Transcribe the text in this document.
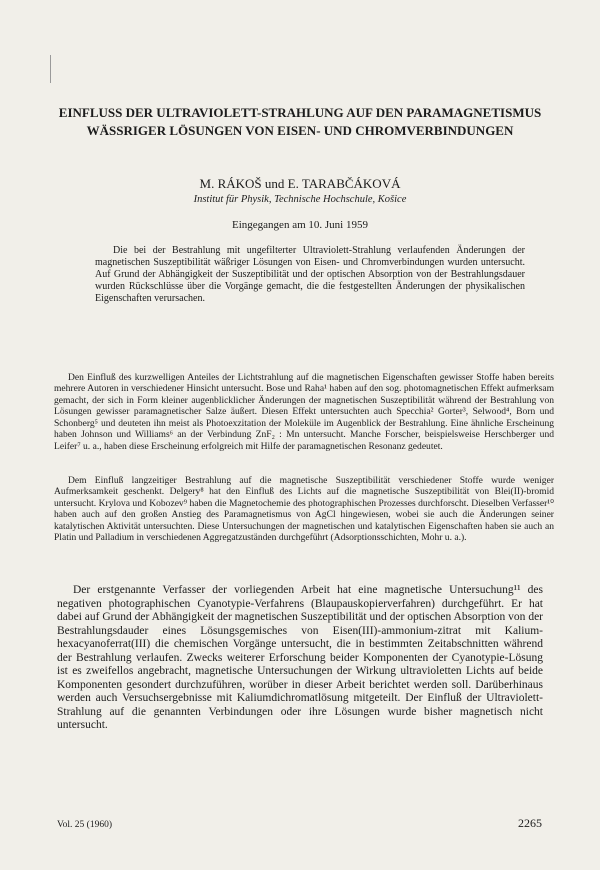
EINFLUSS DER ULTRAVIOLETT-STRAHLUNG AUF DEN PARAMAGNETISMUS WÄSSRIGER LÖSUNGEN VON EISEN- UND CHROMVERBINDUNGEN
M. RÁKOŠ und E. TARABČÁKOVÁ
Institut für Physik, Technische Hochschule, Košice
Eingegangen am 10. Juni 1959
Die bei der Bestrahlung mit ungefilterter Ultraviolett-Strahlung verlaufenden Änderungen der magnetischen Suszeptibilität wäßriger Lösungen von Eisen- und Chromverbindungen wurden untersucht. Auf Grund der Abhängigkeit der Suszeptibilität und der optischen Absorption von der Bestrahlungsdauer wurden Rückschlüsse über die Vorgänge gemacht, die die festgestellten Änderungen der physikalischen Eigenschaften verursachen.

Den Einfluß des kurzwelligen Anteiles der Lichtstrahlung auf die magnetischen Eigenschaften gewisser Stoffe haben bereits mehrere Autoren in verschiedener Hinsicht untersucht. Bose und Raha¹ haben auf den sog. photomagnetischen Effekt aufmerksam gemacht, der sich in Form kleiner augenblicklicher Änderungen der magnetischen Suszeptibilität während der Bestrahlung von Lösungen gewisser paramagnetischer Salze äußert. Diesen Effekt untersuchten auch Specchia² Gorter³, Selwood⁴, Born und Schonberg⁵ und deuteten ihn meist als Photoexzitation der Moleküle im Augenblick der Bestrahlung. Eine ähnliche Erscheinung haben Johnson und Williams⁶ an der Verbindung ZnF₂ : Mn untersucht. Manche Forscher, beispielsweise Herschberger und Leifer⁷ u. a., haben diese Erscheinung erfolgreich mit Hilfe der paramagnetischen Resonanz gedeutet.

Dem Einfluß langzeitiger Bestrahlung auf die magnetische Suszeptibilität verschiedener Stoffe wurde weniger Aufmerksamkeit geschenkt. Delgery⁸ hat den Einfluß des Lichts auf die magnetische Suszeptibilität von Blei(II)-bromid untersucht. Krylova und Kobozev⁹ haben die Magnetochemie des photographischen Prozesses durchforscht. Dieselben Verfasser¹⁰ haben auch auf den großen Anstieg des Paramagnetismus von AgCl hingewiesen, wobei sie auch die Änderungen seiner katalytischen Aktivität untersuchten. Diese Untersuchungen der magnetischen und katalytischen Eigenschaften haben sie auch an Platin und Palladium in verschiedenen Aggregatzuständen durchgeführt (Adsorptionsschichten, Mohr u. a.).

Der erstgenannte Verfasser der vorliegenden Arbeit hat eine magnetische Untersuchung¹¹ des negativen photographischen Cyanotypie-Verfahrens (Blaupauskopierverfahren) durchgeführt. Er hat dabei auf Grund der Abhängigkeit der magnetischen Suszeptibilität und der optischen Absorption von der Bestrahlungsdauder eines Lösungsgemisches von Eisen(III)-ammonium-zitrat mit Kalium-hexacyanoferrat(III) die chemischen Vorgänge untersucht, die in bestimmten Zeitabschnitten während der Bestrahlung verlaufen. Zwecks weiterer Erforschung beider Komponenten der Cyanotypie-Lösung ist es zweifellos angebracht, magnetische Untersuchungen der Wirkung ultravioletten Lichts auf beide Komponenten gesondert durchzuführen, worüber in dieser Arbeit berichtet werden soll. Darüberhinaus werden auch Versuchsergebnisse mit Kaliumdichromatlösung mitgeteilt. Der Einfluß der Ultraviolett-Strahlung auf die genannten Verbindungen oder ihre Lösungen wurde bisher magnetisch nicht untersucht.

Vol. 25 (1960)	2265
